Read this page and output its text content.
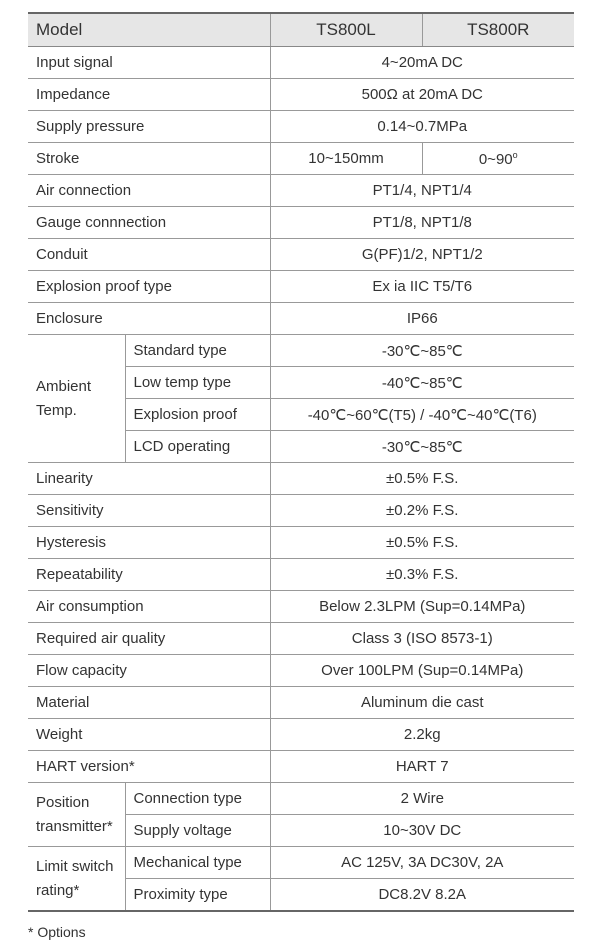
Model		TS800L	TS800R
Input signal		4~20mA DC	
Impedance		500Ω at 20mA DC	
Supply pressure		0.14~0.7MPa	
Stroke		10~150mm	0~90$^o$
Air connection		PT1/4, NPT1/4	
Gauge connnection		PT1/8, NPT1/8	
Conduit		G(PF)1/2, NPT1/2	
Explosion proof type		Ex ia IIC T5/T6	
Enclosure		IP66	
Ambient
Temp.	Standard type	-30℃~85℃	
	Low temp type	-40℃~85℃	
	Explosion proof	-40℃~60℃(T5) / -40℃~40℃(T6)	
	LCD operating	-30℃~85℃	
Linearity		±0.5% F.S.	
Sensitivity		±0.2% F.S.	
Hysteresis		±0.5% F.S.	
Repeatability		±0.3% F.S.	
Air consumption		Below 2.3LPM (Sup=0.14MPa)	
Required air quality		Class 3 (ISO 8573-1)	
Flow capacity		Over 100LPM (Sup=0.14MPa)	
Material		Aluminum die cast	
Weight		2.2kg	
HART version*		HART 7	
Position
transmitter*	Connection type	2 Wire	
	Supply voltage	10~30V DC	
Limit switch
rating*	Mechanical type	AC 125V, 3A DC30V, 2A	
	Proximity type	DC8.2V 8.2A	
* Options
